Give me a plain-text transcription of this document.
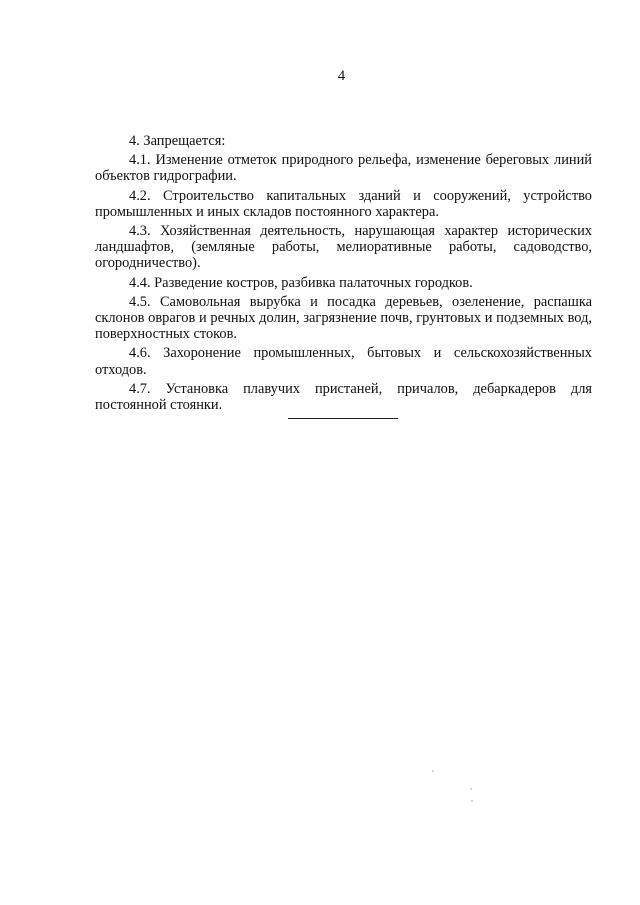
4

4. Запрещается:

4.1. Изменение отметок природного рельефа, изменение береговых линий объектов гидрографии.

4.2. Строительство капитальных зданий и сооружений, устройство промышленных и иных складов постоянного характера.

4.3. Хозяйственная деятельность, нарушающая характер исторических ландшафтов, (земляные работы, мелиоративные работы, садоводство, огородничество).

4.4. Разведение костров, разбивка палаточных городков.

4.5. Самовольная вырубка и посадка деревьев, озеленение, распашка склонов оврагов и речных долин, загрязнение почв, грунтовых и подземных вод, поверхностных стоков.

4.6. Захоронение промышленных, бытовых и сельскохозяйственных отходов.

4.7. Установка плавучих пристаней, причалов, дебаркадеров для постоянной стоянки.
